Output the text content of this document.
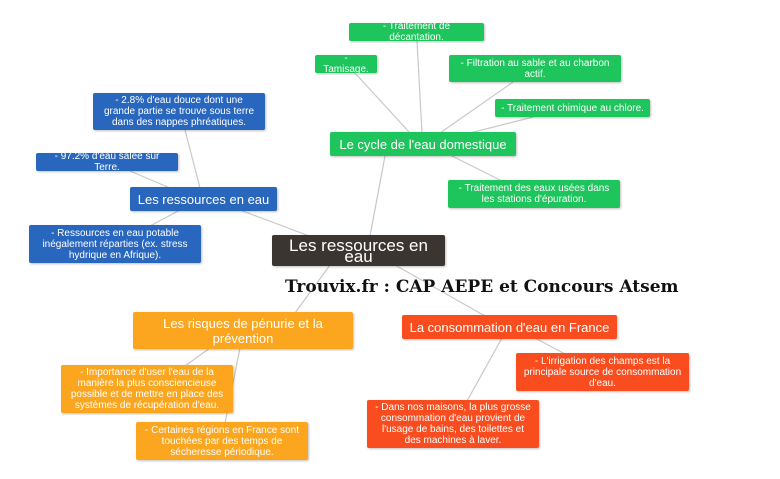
Les ressources en eau
Trouvix.fr : CAP AEPE et Concours Atsem
Les ressources en eau
- 2.8% d'eau douce dont une grande partie se trouve sous terre dans des nappes phréatiques.
- 97.2% d'eau salée sur Terre.
- Ressources en eau potable inégalement réparties (ex. stress hydrique en Afrique).
Le cycle de l'eau domestique
- Traitement de décantation.
- Tamisage.
- Filtration au sable et au charbon actif.
- Traitement chimique au chlore.
- Traitement des eaux usées dans les stations d'épuration.
Les risques de pénurie et la prévention
- Importance d'user l'eau de la manière la plus consciencieuse possible et de mettre en place des systèmes de récupération d'eau.
- Certaines régions en France sont touchées par des temps de sécheresse périodique.
La consommation d'eau en France
- L'irrigation des champs est la principale source de consommation d'eau.
- Dans nos maisons, la plus grosse consommation d'eau provient de l'usage de bains, des toilettes et des machines à laver.
